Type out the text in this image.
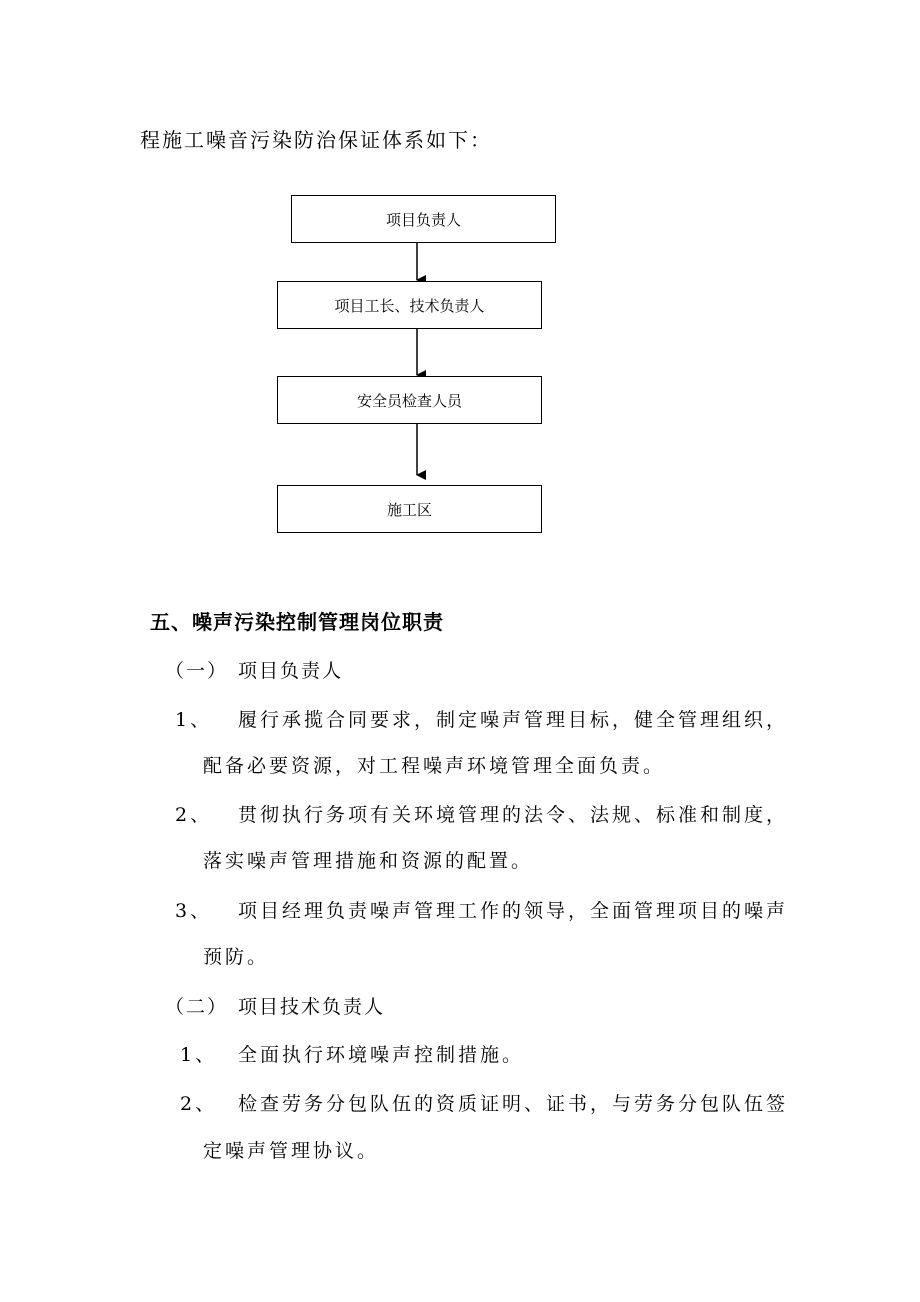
程施工噪音污染防治保证体系如下：
项目负责人
项目工长、技术负责人
安全员检查人员
施工区
五、噪声污染控制管理岗位职责
（一） 项目负责人
1、 履行承揽合同要求，制定噪声管理目标，健全管理组织，
配备必要资源，对工程噪声环境管理全面负责。
2、 贯彻执行务项有关环境管理的法令、法规、标准和制度，
落实噪声管理措施和资源的配置。
3、 项目经理负责噪声管理工作的领导，全面管理项目的噪声
预防。
（二） 项目技术负责人
1、 全面执行环境噪声控制措施。
2、 检查劳务分包队伍的资质证明、证书，与劳务分包队伍签
定噪声管理协议。
